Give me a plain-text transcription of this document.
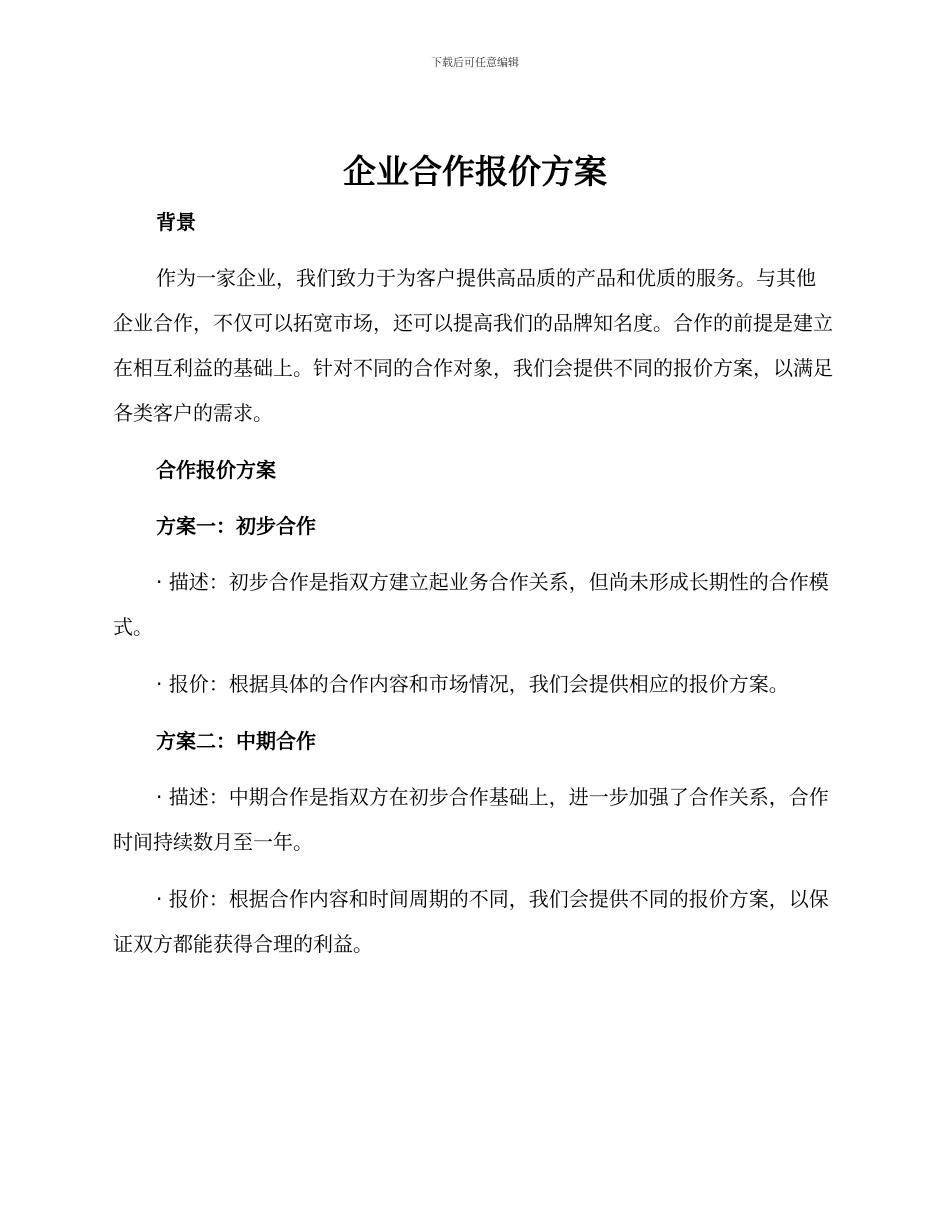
下载后可任意编辑
企业合作报价方案
背景
作为一家企业，我们致力于为客户提供高品质的产品和优质的服务。与其他企业合作，不仅可以拓宽市场，还可以提高我们的品牌知名度。合作的前提是建立在相互利益的基础上。针对不同的合作对象，我们会提供不同的报价方案，以满足各类客户的需求。
合作报价方案
方案一：初步合作
· 描述：初步合作是指双方建立起业务合作关系，但尚未形成长期性的合作模式。
· 报价：根据具体的合作内容和市场情况，我们会提供相应的报价方案。
方案二：中期合作
· 描述：中期合作是指双方在初步合作基础上，进一步加强了合作关系，合作时间持续数月至一年。
· 报价：根据合作内容和时间周期的不同，我们会提供不同的报价方案，以保证双方都能获得合理的利益。
